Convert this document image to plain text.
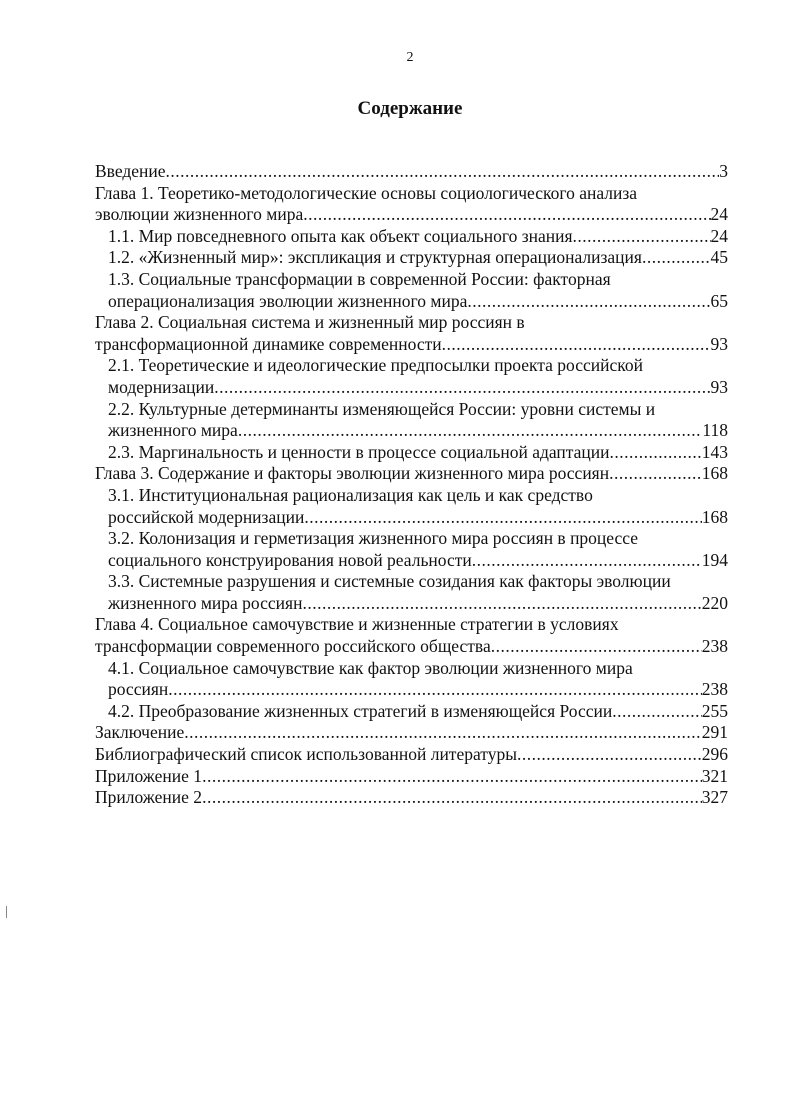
2
Содержание
Введение .....	3
Глава 1. Теоретико-методологические основы социологического анализа
эволюции жизненного мира .....	24
1.1. Мир повседневного опыта как объект социального знания .....	24
1.2. «Жизненный мир»: экспликация и структурная операционализация .....	45
1.3. Социальные трансформации в современной России: факторная
операционализация эволюции жизненного мира .....	65
Глава 2. Социальная система и жизненный мир россиян в
трансформационной динамике современности .....	93
2.1. Теоретические и идеологические предпосылки проекта российской
модернизации .....	93
2.2. Культурные детерминанты изменяющейся России: уровни системы и
жизненного мира .....	118
2.3. Маргинальность и ценности в процессе социальной адаптации .....	143
Глава 3. Содержание и факторы эволюции жизненного мира россиян .....	168
3.1. Институциональная рационализация как цель и как средство
российской модернизации .....	168
3.2. Колонизация и герметизация жизненного мира россиян в процессе
социального конструирования новой реальности .....	194
3.3. Системные разрушения и системные созидания как факторы эволюции
жизненного мира россиян .....	220
Глава 4. Социальное самочувствие и жизненные стратегии в условиях
трансформации современного российского общества .....	238
4.1. Социальное самочувствие как фактор эволюции жизненного мира
россиян .....	238
4.2. Преобразование жизненных стратегий в изменяющейся России .....	255
Заключение .....	291
Библиографический список использованной литературы .....	296
Приложение 1 .....	321
Приложение 2 .....	327
